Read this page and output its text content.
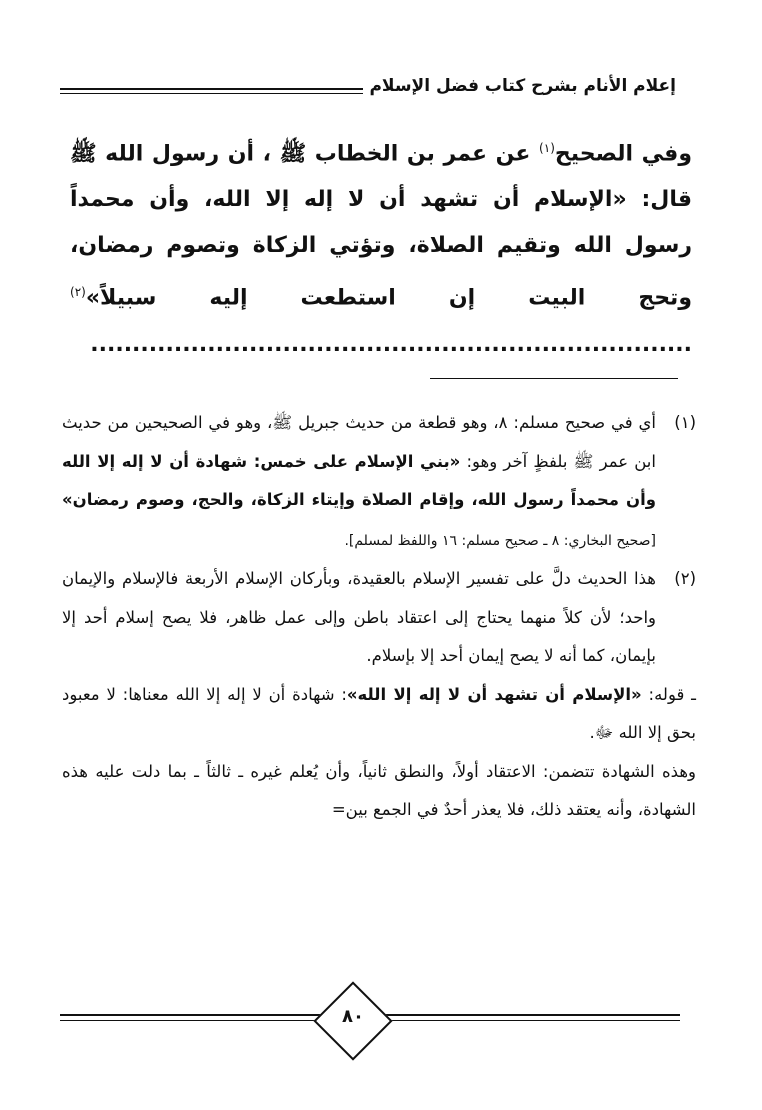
إعلام الأنام بشرح كتاب فضل الإسلام

وفي الصحيح$^{(١)}$ عن عمر بن الخطاب ﷺ ، أن رسول الله ﷺ قال: «الإسلام أن تشهد أن لا إله إلا الله، وأن محمداً رسول الله وتقيم الصلاة، وتؤتي الزكاة وتصوم رمضان، وتحج البيت إن استطعت إليه سبيلاً»$^{(٢)}$ ........................................................................

(١)
أي في صحيح مسلم: ٨، وهو قطعة من حديث جبريل ﷺ، وهو في الصحيحين من حديث ابن عمر ﷺ بلفظٍ آخر وهو: «بني الإسلام على خمس: شهادة أن لا إله إلا الله وأن محمداً رسول الله، وإقام الصلاة وإيتاء الزكاة، والحج، وصوم رمضان» [صحيح البخاري: ٨ ـ صحيح مسلم: ١٦ واللفظ لمسلم].

(٢)
هذا الحديث دلَّ على تفسير الإسلام بالعقيدة، وبأركان الإسلام الأربعة فالإسلام والإيمان واحد؛ لأن كلاً منهما يحتاج إلى اعتقاد باطن وإلى عمل ظاهر، فلا يصح إسلام أحد إلا بإيمان، كما أنه لا يصح إيمان أحد إلا بإسلام.

ـ قوله: «الإسلام أن تشهد أن لا إله إلا الله»: شهادة أن لا إله إلا الله معناها: لا معبود بحق إلا الله ﷻ.

وهذه الشهادة تتضمن: الاعتقاد أولاً، والنطق ثانياً، وأن يُعلم غيره ـ ثالثاً ـ بما دلت عليه هذه الشهادة، وأنه يعتقد ذلك، فلا يعذر أحدٌ في الجمع بين=

٨٠
